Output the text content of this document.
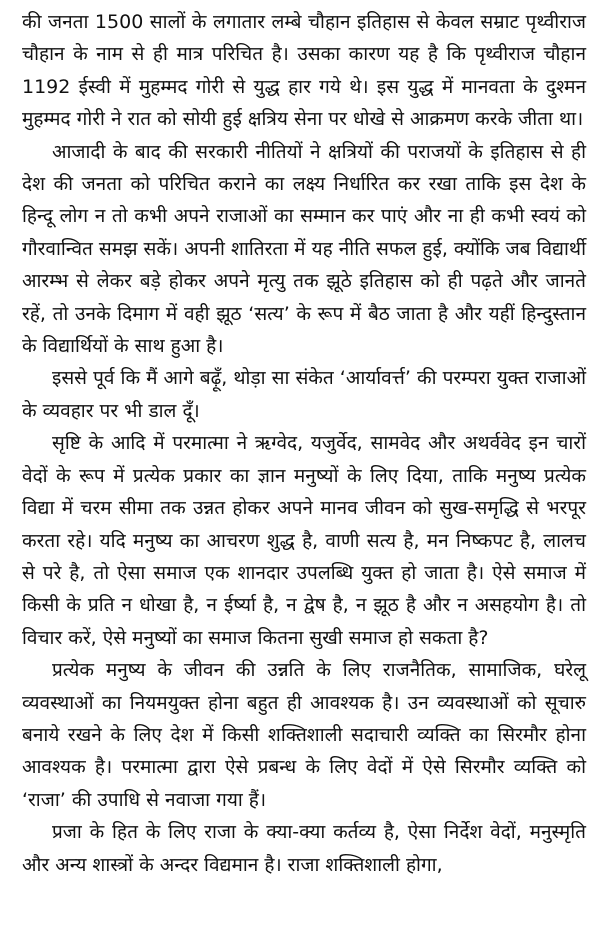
की जनता 1500 सालों के लगातार लम्बे चौहान इतिहास से केवल सम्राट पृथ्वीराज चौहान के नाम से ही मात्र परिचित है। उसका कारण यह है कि पृथ्वीराज चौहान 1192 ईस्वी में मुहम्मद गोरी से युद्ध हार गये थे। इस युद्ध में मानवता के दुश्मन मुहम्मद गोरी ने रात को सोयी हुई क्षत्रिय सेना पर धोखे से आक्रमण करके जीता था।

आजादी के बाद की सरकारी नीतियों ने क्षत्रियों की पराजयों के इतिहास से ही देश की जनता को परिचित कराने का लक्ष्य निर्धारित कर रखा ताकि इस देश के हिन्दू लोग न तो कभी अपने राजाओं का सम्मान कर पाएं और ना ही कभी स्वयं को गौरवान्वित समझ सकें। अपनी शातिरता में यह नीति सफल हुई, क्योंकि जब विद्यार्थी आरम्भ से लेकर बड़े होकर अपने मृत्यु तक झूठे इतिहास को ही पढ़ते और जानते रहें, तो उनके दिमाग में वही झूठ ‘सत्य’ के रूप में बैठ जाता है और यहीं हिन्दुस्तान के विद्यार्थियों के साथ हुआ है।

इससे पूर्व कि मैं आगे बढ़ूँ, थोड़ा सा संकेत ‘आर्यावर्त्त’ की परम्परा युक्त राजाओं के व्यवहार पर भी डाल दूँ।

सृष्टि के आदि में परमात्मा ने ऋग्वेद, यजुर्वेद, सामवेद और अथर्ववेद इन चारों वेदों के रूप में प्रत्येक प्रकार का ज्ञान मनुष्यों के लिए दिया, ताकि मनुष्य प्रत्येक विद्या में चरम सीमा तक उन्नत होकर अपने मानव जीवन को सुख-समृद्धि से भरपूर करता रहे। यदि मनुष्य का आचरण शुद्ध है, वाणी सत्य है, मन निष्कपट है, लालच से परे है, तो ऐसा समाज एक शानदार उपलब्धि युक्त हो जाता है। ऐसे समाज में किसी के प्रति न धोखा है, न ईर्ष्या है, न द्वेष है, न झूठ है और न असहयोग है। तो विचार करें, ऐसे मनुष्यों का समाज कितना सुखी समाज हो सकता है?

प्रत्येक मनुष्य के जीवन की उन्नति के लिए राजनैतिक, सामाजिक, घरेलू व्यवस्थाओं का नियमयुक्त होना बहुत ही आवश्यक है। उन व्यवस्थाओं को सूचारु बनाये रखने के लिए देश में किसी शक्तिशाली सदाचारी व्यक्ति का सिरमौर होना आवश्यक है। परमात्मा द्वारा ऐसे प्रबन्ध के लिए वेदों में ऐसे सिरमौर व्यक्ति को ‘राजा’ की उपाधि से नवाजा गया हैं।

प्रजा के हित के लिए राजा के क्या-क्या कर्तव्य है, ऐसा निर्देश वेदों, मनुस्मृति और अन्य शास्त्रों के अन्दर विद्यमान है। राजा शक्तिशाली होगा,
